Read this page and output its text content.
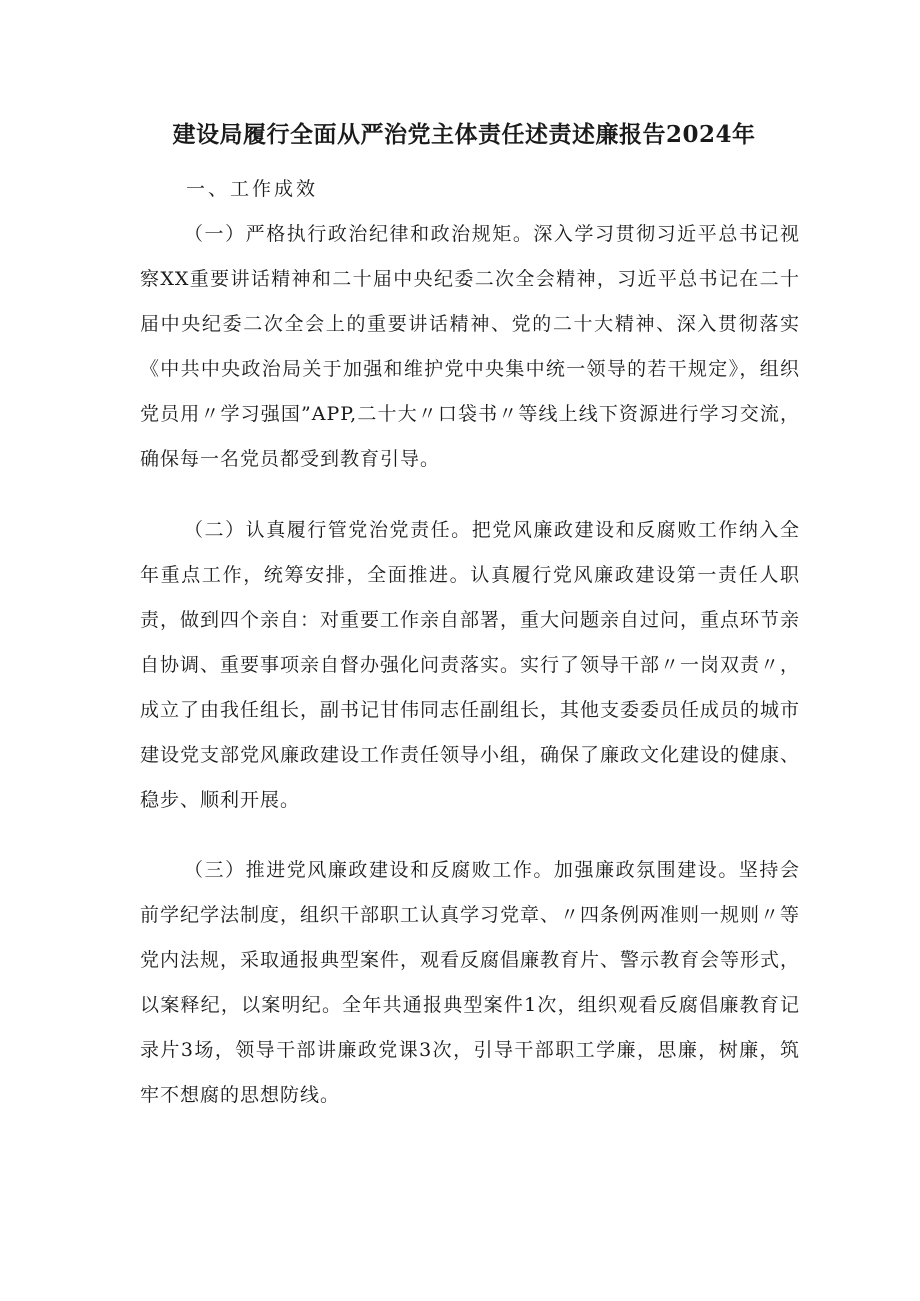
建设局履行全面从严治党主体责任述责述廉报告2024年

一、工作成效

（一）严格执行政治纪律和政治规矩。深入学习贯彻习近平总书记视察XX重要讲话精神和二十届中央纪委二次全会精神，习近平总书记在二十届中央纪委二次全会上的重要讲话精神、党的二十大精神、深入贯彻落实《中共中央政治局关于加强和维护党中央集中统一领导的若干规定》，组织党员用〃学习强国”APP,二十大〃口袋书〃等线上线下资源进行学习交流，确保每一名党员都受到教育引导。

（二）认真履行管党治党责任。把党风廉政建设和反腐败工作纳入全年重点工作，统筹安排，全面推进。认真履行党风廉政建设第一责任人职责，做到四个亲自：对重要工作亲自部署，重大问题亲自过问，重点环节亲自协调、重要事项亲自督办强化问责落实。实行了领导干部〃一岗双责〃，成立了由我任组长，副书记甘伟同志任副组长，其他支委委员任成员的城市建设党支部党风廉政建设工作责任领导小组，确保了廉政文化建设的健康、稳步、顺利开展。

（三）推进党风廉政建设和反腐败工作。加强廉政氛围建设。坚持会前学纪学法制度，组织干部职工认真学习党章、〃四条例两准则一规则〃等党内法规，采取通报典型案件，观看反腐倡廉教育片、警示教育会等形式，以案释纪，以案明纪。全年共通报典型案件1次，组织观看反腐倡廉教育记录片3场，领导干部讲廉政党课3次，引导干部职工学廉，思廉，树廉，筑牢不想腐的思想防线。
